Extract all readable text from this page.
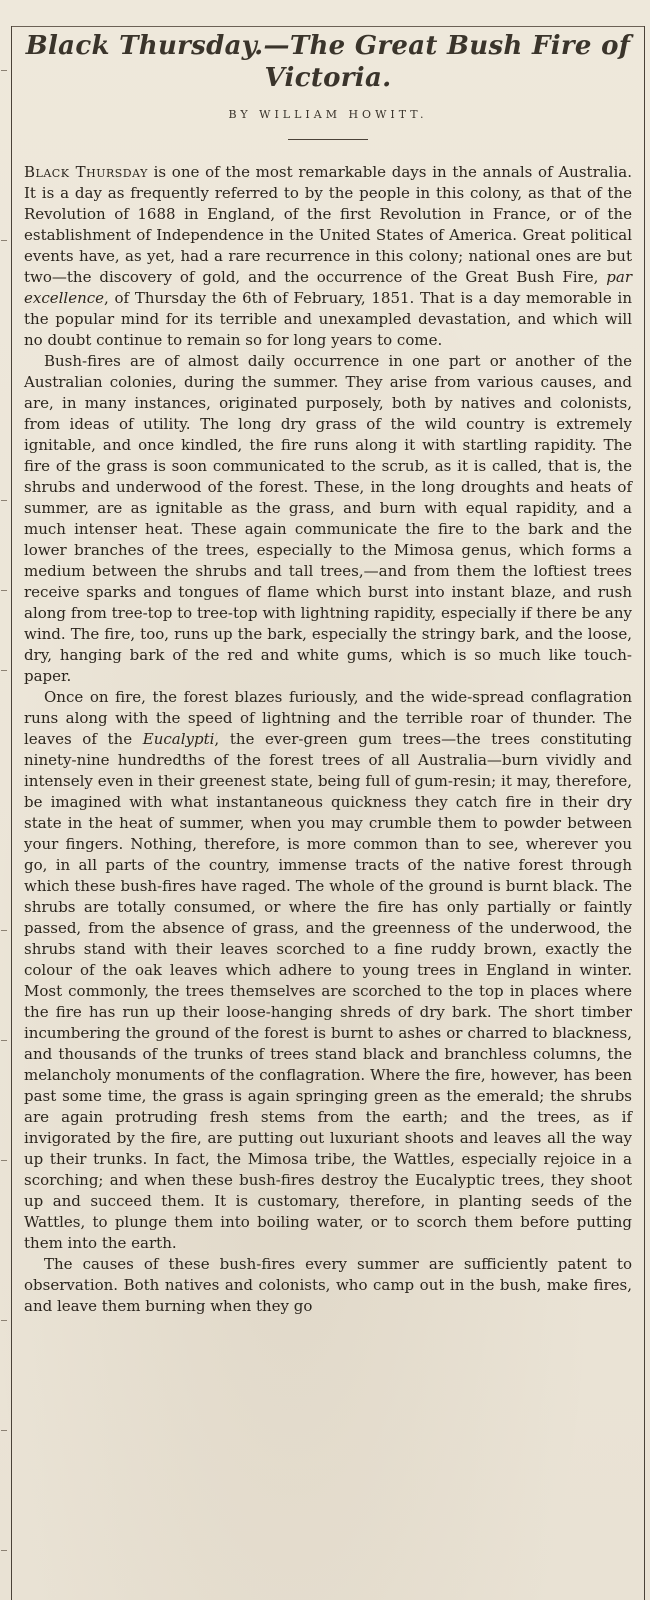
Black Thursday.—The Great Bush Fire of Victoria.
BY WILLIAM HOWITT.

Black Thursday is one of the most remarkable days in the annals of Australia. It is a day as frequently referred to by the people in this colony, as that of the Revolution of 1688 in England, of the first Revolution in France, or of the establishment of Independence in the United States of America. Great political events have, as yet, had a rare recurrence in this colony; national ones are but two—the discovery of gold, and the occurrence of the Great Bush Fire, par excellence, of Thursday the 6th of February, 1851. That is a day memorable in the popular mind for its terrible and unexampled devastation, and which will no doubt continue to remain so for long years to come.

Bush-fires are of almost daily occurrence in one part or another of the Australian colonies, during the summer. They arise from various causes, and are, in many instances, originated purposely, both by natives and colonists, from ideas of utility. The long dry grass of the wild country is extremely ignitable, and once kindled, the fire runs along it with startling rapidity. The fire of the grass is soon communicated to the scrub, as it is called, that is, the shrubs and underwood of the forest. These, in the long droughts and heats of summer, are as ignitable as the grass, and burn with equal rapidity, and a much intenser heat. These again communicate the fire to the bark and the lower branches of the trees, especially to the Mimosa genus, which forms a medium between the shrubs and tall trees,—and from them the loftiest trees receive sparks and tongues of flame which burst into instant blaze, and rush along from tree-top to tree-top with lightning rapidity, especially if there be any wind. The fire, too, runs up the bark, especially the stringy bark, and the loose, dry, hanging bark of the red and white gums, which is so much like touch-paper.

Once on fire, the forest blazes furiously, and the wide-spread conflagration runs along with the speed of lightning and the terrible roar of thunder. The leaves of the Eucalypti, the ever-green gum trees—the trees constituting ninety-nine hundredths of the forest trees of all Australia—burn vividly and intensely even in their greenest state, being full of gum-resin; it may, therefore, be imagined with what instantaneous quickness they catch fire in their dry state in the heat of summer, when you may crumble them to powder between your fingers. Nothing, therefore, is more common than to see, wherever you go, in all parts of the country, immense tracts of the native forest through which these bush-fires have raged. The whole of the ground is burnt black. The shrubs are totally consumed, or where the fire has only partially or faintly passed, from the absence of grass, and the greenness of the underwood, the shrubs stand with their leaves scorched to a fine ruddy brown, exactly the colour of the oak leaves which adhere to young trees in England in winter. Most commonly, the trees themselves are scorched to the top in places where the fire has run up their loose-hanging shreds of dry bark. The short timber incumbering the ground of the forest is burnt to ashes or charred to blackness, and thousands of the trunks of trees stand black and branchless columns, the melancholy monuments of the conflagration. Where the fire, however, has been past some time, the grass is again springing green as the emerald; the shrubs are again protruding fresh stems from the earth; and the trees, as if invigorated by the fire, are putting out luxuriant shoots and leaves all the way up their trunks. In fact, the Mimosa tribe, the Wattles, especially rejoice in a scorching; and when these bush-fires destroy the Eucalyptic trees, they shoot up and succeed them. It is customary, therefore, in planting seeds of the Wattles, to plunge them into boiling water, or to scorch them before putting them into the earth.

The causes of these bush-fires every summer are sufficiently patent to observation. Both natives and colonists, who camp out in the bush, make fires, and leave them burning when they go
